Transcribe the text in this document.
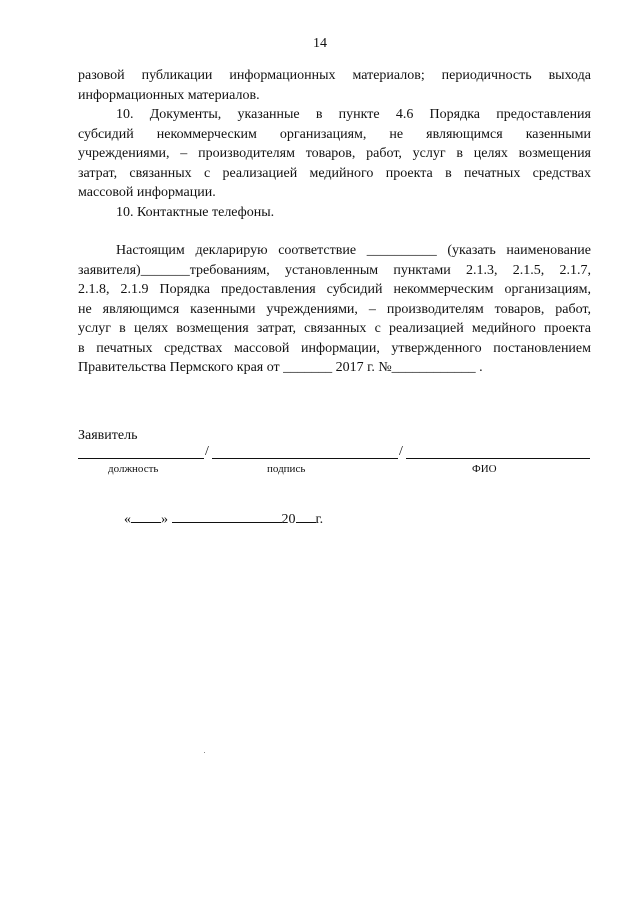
14
разовой публикации информационных материалов; периодичность выхода
информационных материалов.
10. Документы, указанные в пункте 4.6 Порядка предоставления
субсидий некоммерческим организациям, не являющимся казенными
учреждениями, – производителям товаров, работ, услуг в целях возмещения
затрат, связанных с реализацией медийного проекта в печатных средствах
массовой информации.
10. Контактные телефоны.
Настоящим декларирую соответствие __________ (указать наименование
заявителя)_______требованиям, установленным пунктами 2.1.3, 2.1.5, 2.1.7,
2.1.8, 2.1.9 Порядка предоставления субсидий некоммерческим организациям,
не являющимся казенными учреждениями, – производителям товаров, работ,
услуг в целях возмещения затрат, связанных с реализацией медийного проекта
в печатных средствах массовой информации, утвержденного постановлением
Правительства Пермского края от _______ 2017 г. №____________ .
Заявитель
/	/
должность	подпись	ФИО
« »	20 г.
